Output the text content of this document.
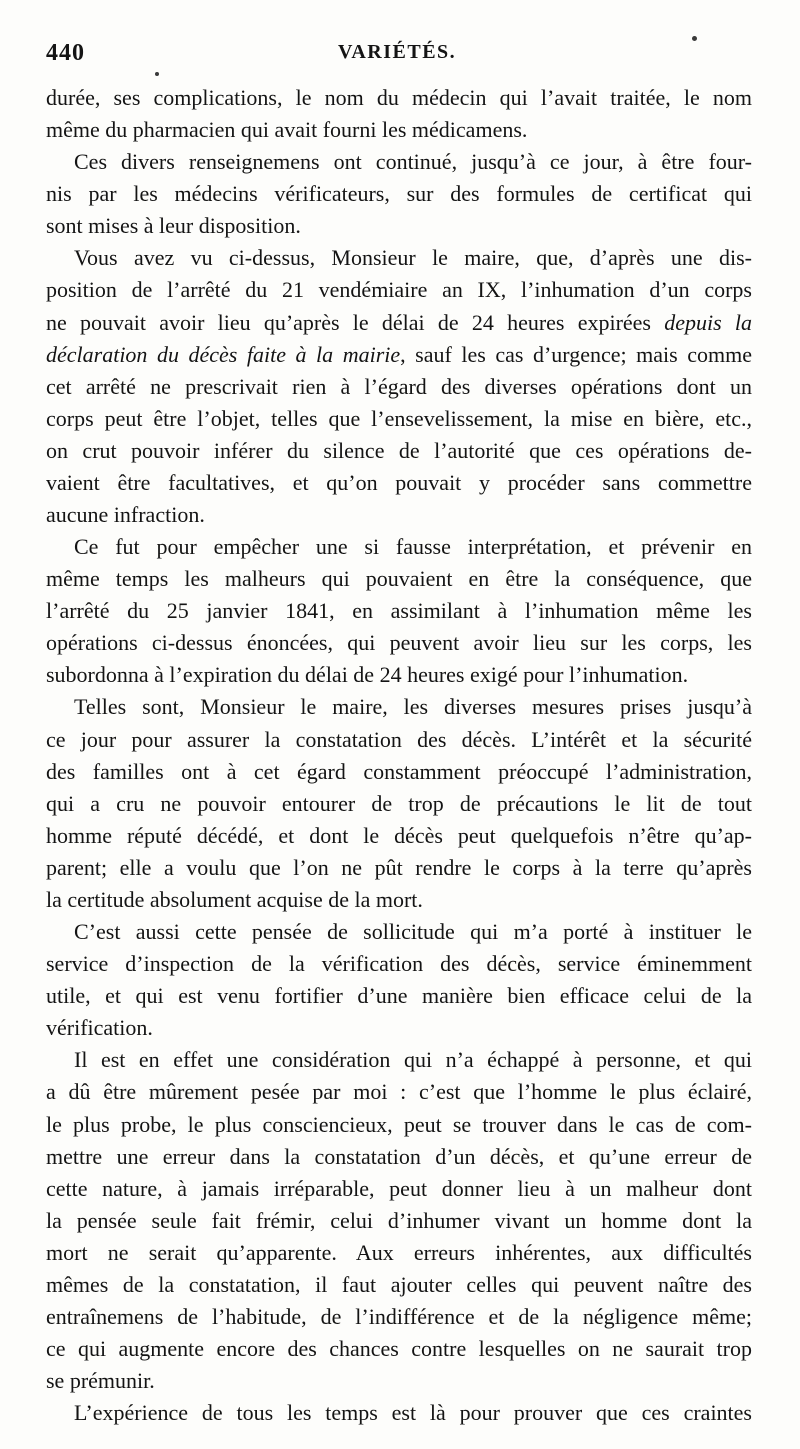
440	VARIÉTÉS.
durée, ses complications, le nom du médecin qui l’avait traitée, le nom
même du pharmacien qui avait fourni les médicamens.
Ces divers renseignemens ont continué, jusqu’à ce jour, à être four-
nis par les médecins vérificateurs, sur des formules de certificat qui
sont mises à leur disposition.
Vous avez vu ci-dessus, Monsieur le maire, que, d’après une dis-
position de l’arrêté du 21 vendémiaire an IX, l’inhumation d’un corps
ne pouvait avoir lieu qu’après le délai de 24 heures expirées depuis la
déclaration du décès faite à la mairie, sauf les cas d’urgence; mais comme
cet arrêté ne prescrivait rien à l’égard des diverses opérations dont un
corps peut être l’objet, telles que l’ensevelissement, la mise en bière, etc.,
on crut pouvoir inférer du silence de l’autorité que ces opérations de-
vaient être facultatives, et qu’on pouvait y procéder sans commettre
aucune infraction.
Ce fut pour empêcher une si fausse interprétation, et prévenir en
même temps les malheurs qui pouvaient en être la conséquence, que
l’arrêté du 25 janvier 1841, en assimilant à l’inhumation même les
opérations ci-dessus énoncées, qui peuvent avoir lieu sur les corps, les
subordonna à l’expiration du délai de 24 heures exigé pour l’inhumation.
Telles sont, Monsieur le maire, les diverses mesures prises jusqu’à
ce jour pour assurer la constatation des décès. L’intérêt et la sécurité
des familles ont à cet égard constamment préoccupé l’administration,
qui a cru ne pouvoir entourer de trop de précautions le lit de tout
homme réputé décédé, et dont le décès peut quelquefois n’être qu’ap-
parent; elle a voulu que l’on ne pût rendre le corps à la terre qu’après
la certitude absolument acquise de la mort.
C’est aussi cette pensée de sollicitude qui m’a porté à instituer le
service d’inspection de la vérification des décès, service éminemment
utile, et qui est venu fortifier d’une manière bien efficace celui de la
vérification.
Il est en effet une considération qui n’a échappé à personne, et qui
a dû être mûrement pesée par moi : c’est que l’homme le plus éclairé,
le plus probe, le plus consciencieux, peut se trouver dans le cas de com-
mettre une erreur dans la constatation d’un décès, et qu’une erreur de
cette nature, à jamais irréparable, peut donner lieu à un malheur dont
la pensée seule fait frémir, celui d’inhumer vivant un homme dont la
mort ne serait qu’apparente. Aux erreurs inhérentes, aux difficultés
mêmes de la constatation, il faut ajouter celles qui peuvent naître des
entraînemens de l’habitude, de l’indifférence et de la négligence même;
ce qui augmente encore des chances contre lesquelles on ne saurait trop
se prémunir.
L’expérience de tous les temps est là pour prouver que ces craintes
